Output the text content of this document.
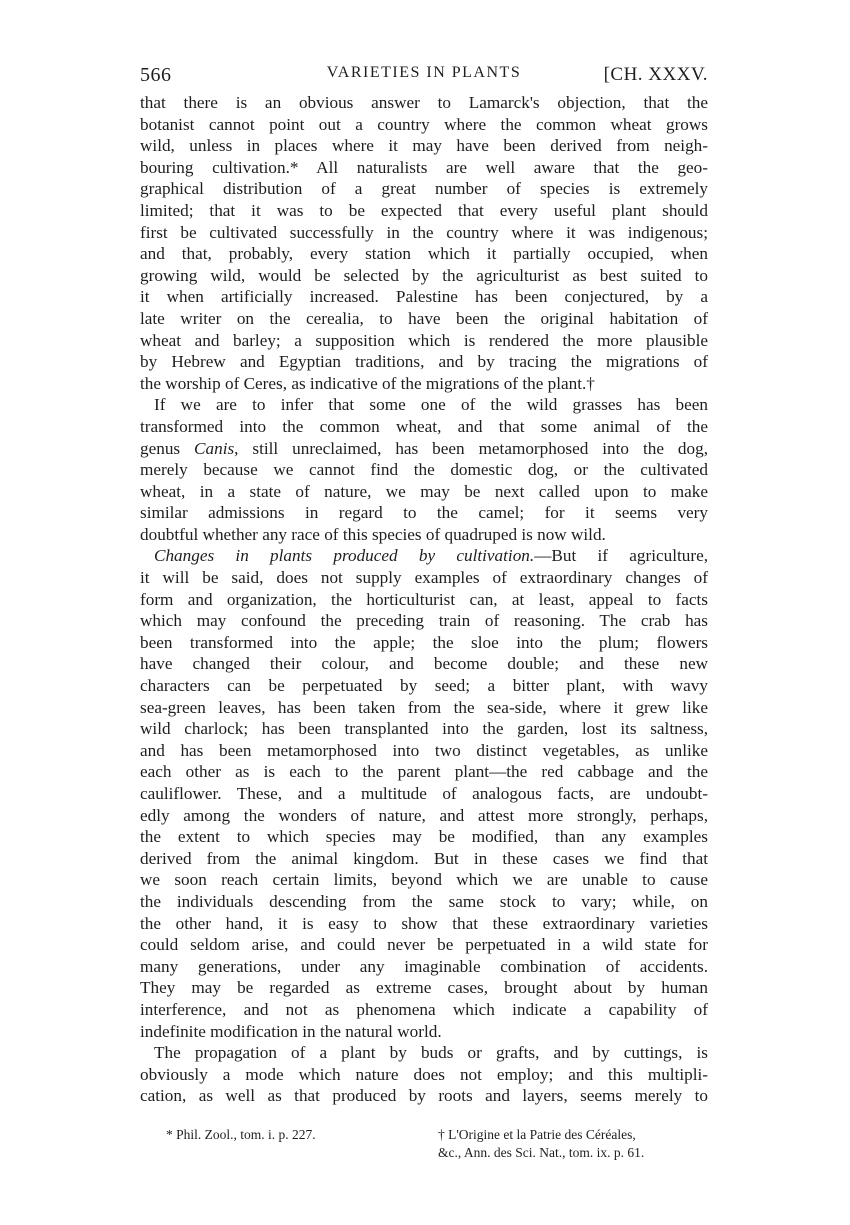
566	VARIETIES IN PLANTS	[CH. XXXV.
that there is an obvious answer to Lamarck's objection, that the
botanist cannot point out a country where the common wheat grows
wild, unless in places where it may have been derived from neigh-
bouring cultivation.* All naturalists are well aware that the geo-
graphical distribution of a great number of species is extremely
limited; that it was to be expected that every useful plant should
first be cultivated successfully in the country where it was indigenous;
and that, probably, every station which it partially occupied, when
growing wild, would be selected by the agriculturist as best suited to
it when artificially increased. Palestine has been conjectured, by a
late writer on the cerealia, to have been the original habitation of
wheat and barley; a supposition which is rendered the more plausible
by Hebrew and Egyptian traditions, and by tracing the migrations of
the worship of Ceres, as indicative of the migrations of the plant.†
If we are to infer that some one of the wild grasses has been
transformed into the common wheat, and that some animal of the
genus Canis, still unreclaimed, has been metamorphosed into the dog,
merely because we cannot find the domestic dog, or the cultivated
wheat, in a state of nature, we may be next called upon to make
similar admissions in regard to the camel; for it seems very
doubtful whether any race of this species of quadruped is now wild.
Changes in plants produced by cultivation.—But if agriculture,
it will be said, does not supply examples of extraordinary changes of
form and organization, the horticulturist can, at least, appeal to facts
which may confound the preceding train of reasoning. The crab has
been transformed into the apple; the sloe into the plum; flowers
have changed their colour, and become double; and these new
characters can be perpetuated by seed; a bitter plant, with wavy
sea-green leaves, has been taken from the sea-side, where it grew like
wild charlock; has been transplanted into the garden, lost its saltness,
and has been metamorphosed into two distinct vegetables, as unlike
each other as is each to the parent plant—the red cabbage and the
cauliflower. These, and a multitude of analogous facts, are undoubt-
edly among the wonders of nature, and attest more strongly, perhaps,
the extent to which species may be modified, than any examples
derived from the animal kingdom. But in these cases we find that
we soon reach certain limits, beyond which we are unable to cause
the individuals descending from the same stock to vary; while, on
the other hand, it is easy to show that these extraordinary varieties
could seldom arise, and could never be perpetuated in a wild state for
many generations, under any imaginable combination of accidents.
They may be regarded as extreme cases, brought about by human
interference, and not as phenomena which indicate a capability of
indefinite modification in the natural world.
The propagation of a plant by buds or grafts, and by cuttings, is
obviously a mode which nature does not employ; and this multipli-
cation, as well as that produced by roots and layers, seems merely to
* Phil. Zool., tom. i. p. 227.	† L'Origine et la Patrie des Céréales,
&c., Ann. des Sci. Nat., tom. ix. p. 61.
